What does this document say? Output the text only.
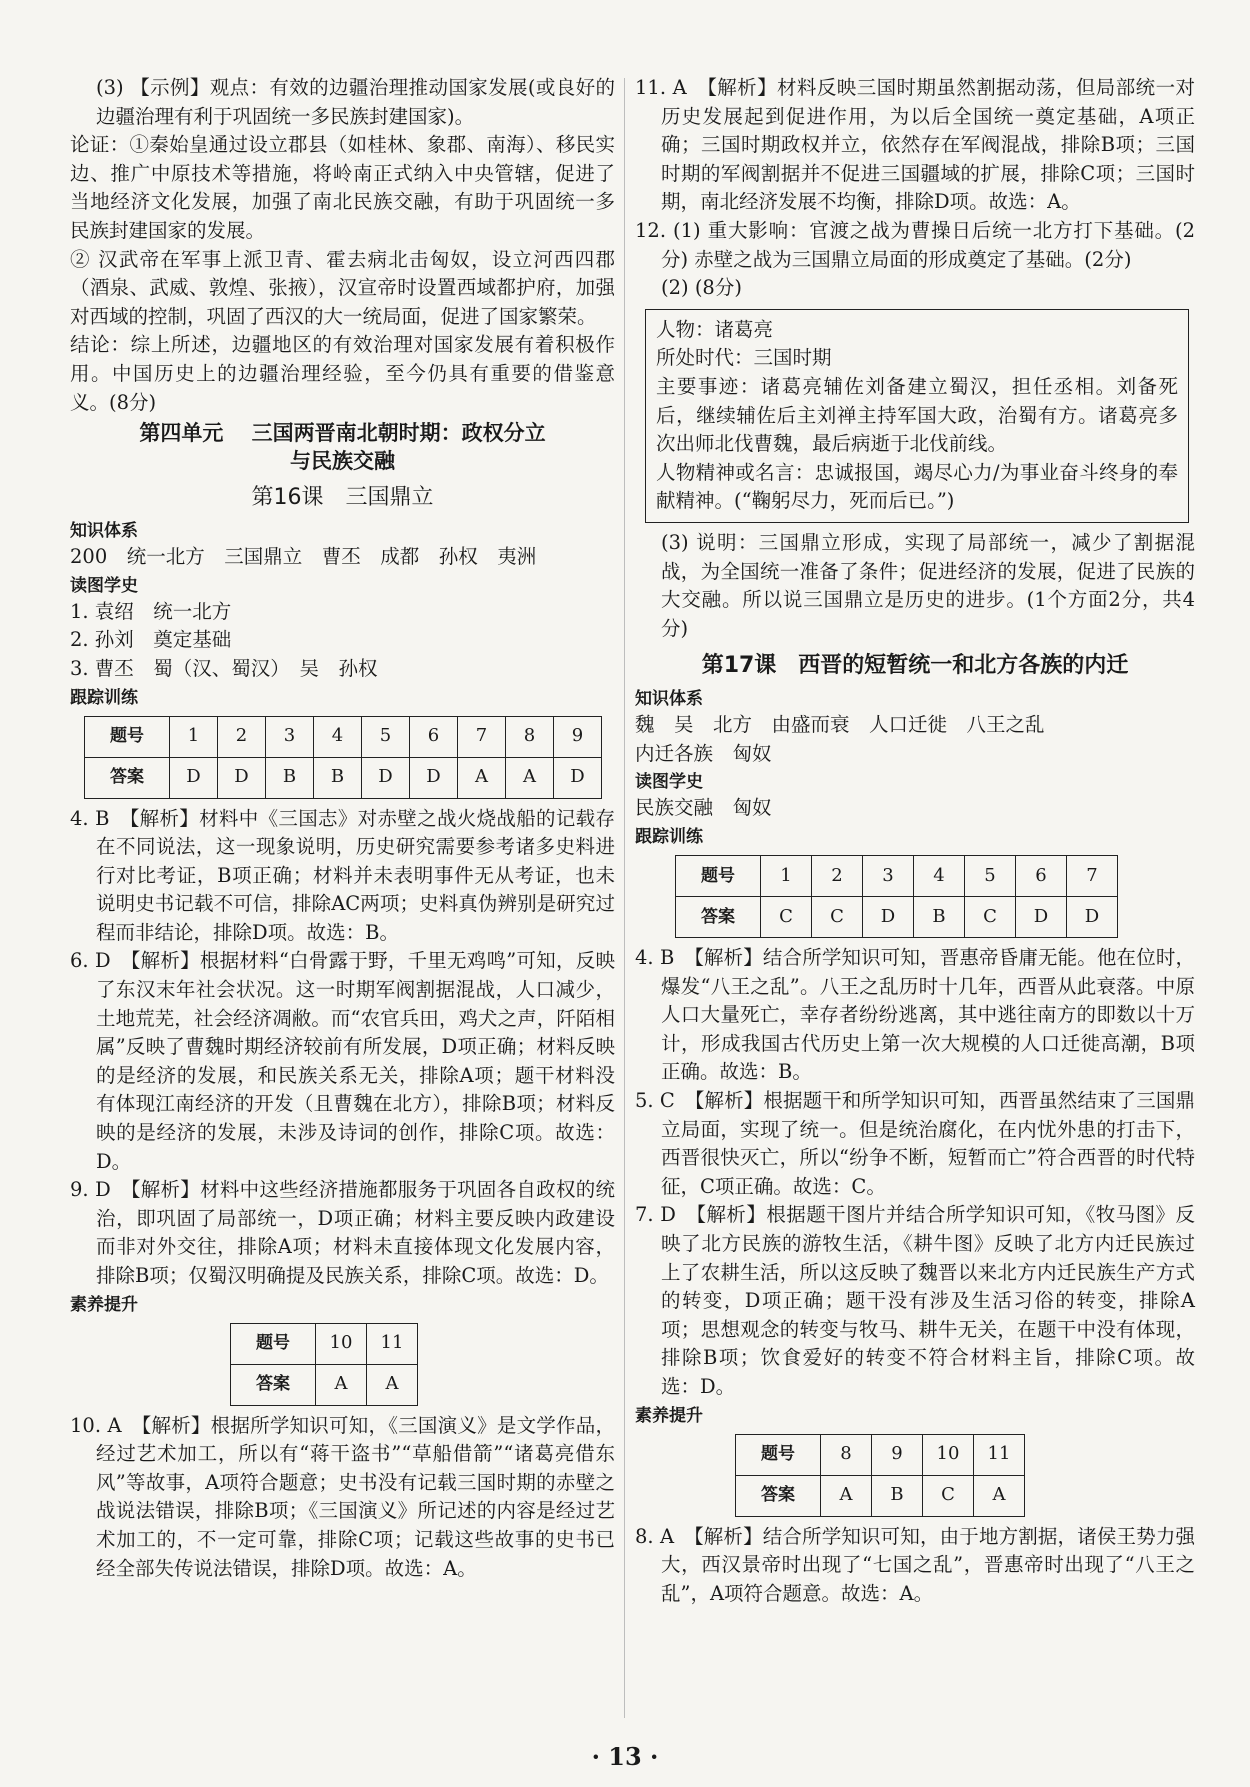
(3) 【示例】观点：有效的边疆治理推动国家发展(或良好的边疆治理有利于巩固统一多民族封建国家)。

论证：①秦始皇通过设立郡县（如桂林、象郡、南海）、移民实边、推广中原技术等措施，将岭南正式纳入中央管辖，促进了当地经济文化发展，加强了南北民族交融，有助于巩固统一多民族封建国家的发展。

② 汉武帝在军事上派卫青、霍去病北击匈奴，设立河西四郡（酒泉、武威、敦煌、张掖），汉宣帝时设置西域都护府，加强对西域的控制，巩固了西汉的大一统局面，促进了国家繁荣。

结论：综上所述，边疆地区的有效治理对国家发展有着积极作用。中国历史上的边疆治理经验，至今仍具有重要的借鉴意义。(8分)

第四单元　 三国两晋南北朝时期：政权分立
与民族交融
第16课　三国鼎立
知识体系

200　统一北方　三国鼎立　曹丕　成都　孙权　夷洲

读图学史

1. 袁绍　统一北方

2. 孙刘　奠定基础

3. 曹丕　蜀（汉、蜀汉）　吴　孙权

跟踪训练
题号	1	2	3	4	5	6	7	8	9
答案	D	D	B	B	D	D	A	A	D

4. B　【解析】材料中《三国志》对赤壁之战火烧战船的记载存在不同说法，这一现象说明，历史研究需要参考诸多史料进行对比考证，B项正确；材料并未表明事件无从考证，也未说明史书记载不可信，排除AC两项；史料真伪辨别是研究过程而非结论，排除D项。故选：B。

6. D　【解析】根据材料“白骨露于野，千里无鸡鸣”可知，反映了东汉末年社会状况。这一时期军阀割据混战，人口减少，土地荒芜，社会经济凋敝。而“农官兵田，鸡犬之声，阡陌相属”反映了曹魏时期经济较前有所发展，D项正确；材料反映的是经济的发展，和民族关系无关，排除A项；题干材料没有体现江南经济的开发（且曹魏在北方），排除B项；材料反映的是经济的发展，未涉及诗词的创作，排除C项。故选：D。

9. D　【解析】材料中这些经济措施都服务于巩固各自政权的统治，即巩固了局部统一，D项正确；材料主要反映内政建设而非对外交往，排除A项；材料未直接体现文化发展内容，排除B项；仅蜀汉明确提及民族关系，排除C项。故选：D。

素养提升
题号	10	11
答案	A	A

10. A　【解析】根据所学知识可知，《三国演义》是文学作品，经过艺术加工，所以有“蒋干盗书”“草船借箭”“诸葛亮借东风”等故事，A项符合题意；史书没有记载三国时期的赤壁之战说法错误，排除B项；《三国演义》所记述的内容是经过艺术加工的，不一定可靠，排除C项；记载这些故事的史书已经全部失传说法错误，排除D项。故选：A。

11. A　【解析】材料反映三国时期虽然割据动荡，但局部统一对历史发展起到促进作用，为以后全国统一奠定基础，A项正确；三国时期政权并立，依然存在军阀混战，排除B项；三国时期的军阀割据并不促进三国疆域的扩展，排除C项；三国时期，南北经济发展不均衡，排除D项。故选：A。

12. (1) 重大影响：官渡之战为曹操日后统一北方打下基础。(2分) 赤壁之战为三国鼎立局面的形成奠定了基础。(2分)

(2) (8分)

人物：诸葛亮

所处时代：三国时期

主要事迹：诸葛亮辅佐刘备建立蜀汉，担任丞相。刘备死后，继续辅佐后主刘禅主持军国大政，治蜀有方。诸葛亮多次出师北伐曹魏，最后病逝于北伐前线。

人物精神或名言：忠诚报国，竭尽心力/为事业奋斗终身的奉献精神。(“鞠躬尽力，死而后已。”)

(3) 说明：三国鼎立形成，实现了局部统一，减少了割据混战，为全国统一准备了条件；促进经济的发展，促进了民族的大交融。所以说三国鼎立是历史的进步。(1个方面2分，共4分)

第17课　西晋的短暂统一和北方各族的内迁
知识体系

魏　吴　北方　由盛而衰　人口迁徙　八王之乱

内迁各族　匈奴

读图学史

民族交融　匈奴

跟踪训练
题号	1	2	3	4	5	6	7
答案	C	C	D	B	C	D	D

4. B　【解析】结合所学知识可知，晋惠帝昏庸无能。他在位时，爆发“八王之乱”。八王之乱历时十几年，西晋从此衰落。中原人口大量死亡，幸存者纷纷逃离，其中逃往南方的即数以十万计，形成我国古代历史上第一次大规模的人口迁徙高潮，B项正确。故选：B。

5. C　【解析】根据题干和所学知识可知，西晋虽然结束了三国鼎立局面，实现了统一。但是统治腐化，在内忧外患的打击下，西晋很快灭亡，所以“纷争不断，短暂而亡”符合西晋的时代特征，C项正确。故选：C。

7. D　【解析】根据题干图片并结合所学知识可知，《牧马图》反映了北方民族的游牧生活，《耕牛图》反映了北方内迁民族过上了农耕生活，所以这反映了魏晋以来北方内迁民族生产方式的转变，D项正确；题干没有涉及生活习俗的转变，排除A项；思想观念的转变与牧马、耕牛无关，在题干中没有体现，排除B项；饮食爱好的转变不符合材料主旨，排除C项。故选：D。

素养提升
题号	8	9	10	11
答案	A	B	C	A

8. A　【解析】结合所学知识可知，由于地方割据，诸侯王势力强大，西汉景帝时出现了“七国之乱”，晋惠帝时出现了“八王之乱”，A项符合题意。故选：A。

· 13 ·
